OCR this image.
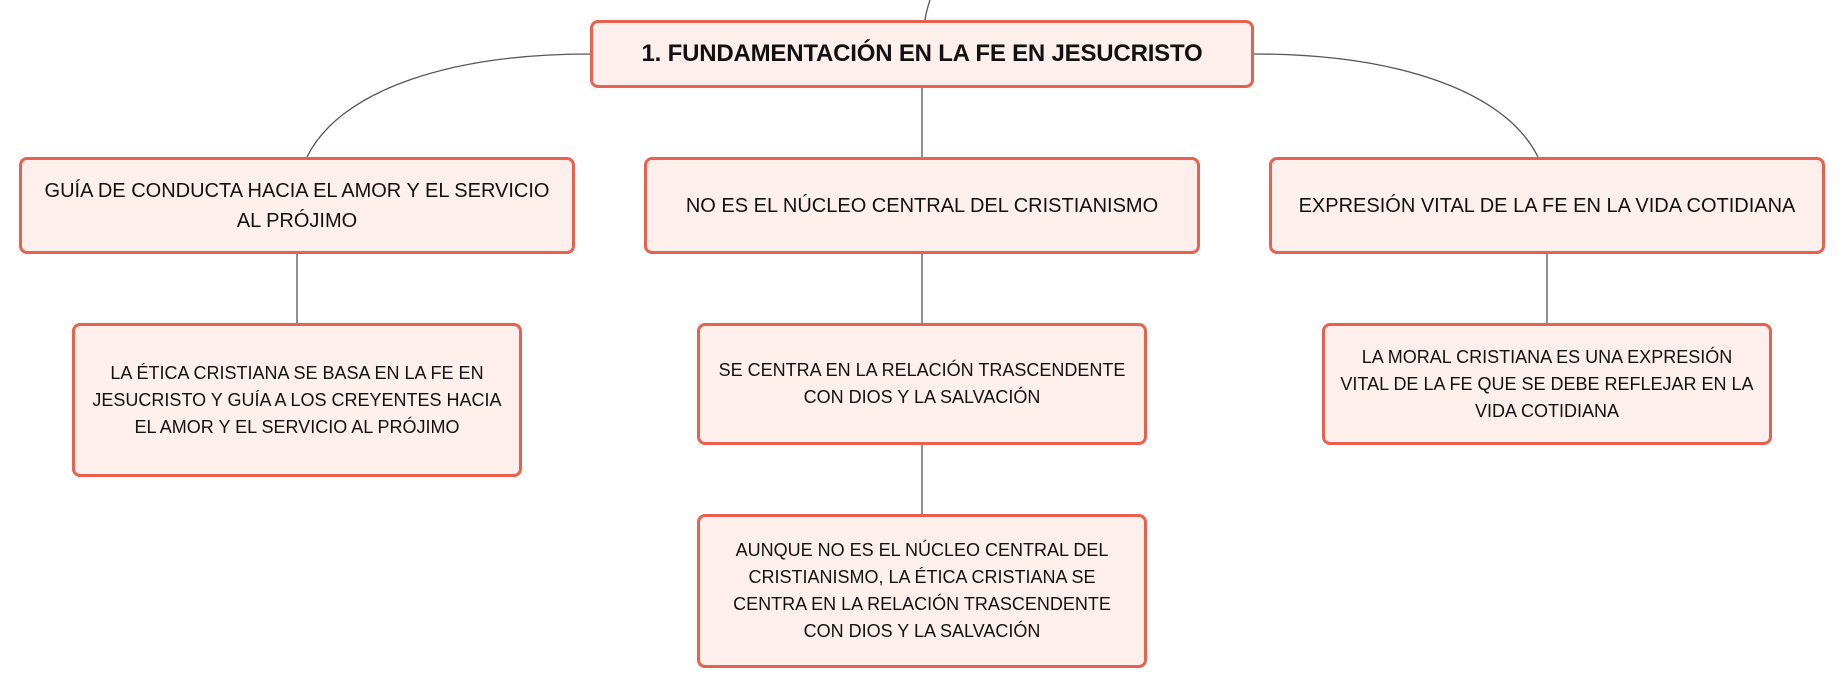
1. FUNDAMENTACIÓN EN LA FE EN JESUCRISTO
GUÍA DE CONDUCTA HACIA EL AMOR Y EL SERVICIO AL PRÓJIMO
NO ES EL NÚCLEO CENTRAL DEL CRISTIANISMO	EXPRESIÓN VITAL DE LA FE EN LA VIDA COTIDIANA
LA ÉTICA CRISTIANA SE BASA EN LA FE EN JESUCRISTO Y GUÍA A LOS CREYENTES HACIA EL AMOR Y EL SERVICIO AL PRÓJIMO
SE CENTRA EN LA RELACIÓN TRASCENDENTE CON DIOS Y LA SALVACIÓN
AUNQUE NO ES EL NÚCLEO CENTRAL DEL CRISTIANISMO, LA ÉTICA CRISTIANA SE CENTRA EN LA RELACIÓN TRASCENDENTE CON DIOS Y LA SALVACIÓN
LA MORAL CRISTIANA ES UNA EXPRESIÓN VITAL DE LA FE QUE SE DEBE REFLEJAR EN LA VIDA COTIDIANA
